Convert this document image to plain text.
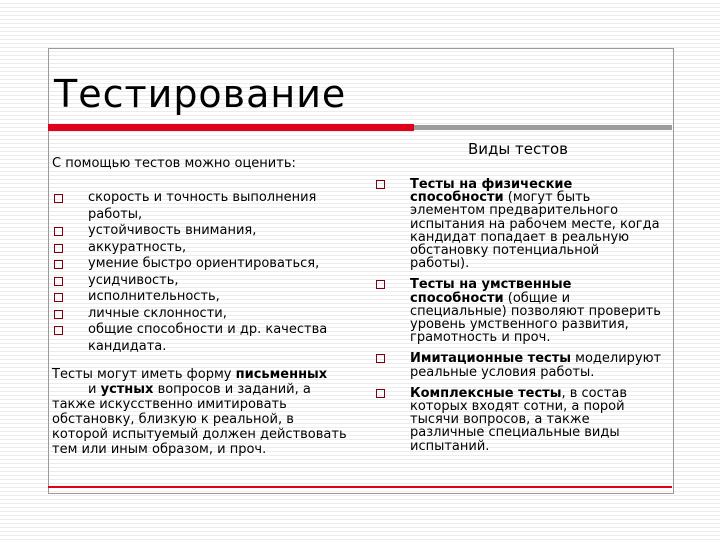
Тестирование
С помощью тестов можно оценить:
скорость и точность выполнения работы,
устойчивость внимания,
аккуратность,
умение быстро ориентироваться,
усидчивость,
исполнительность,
личные склонности,
общие способности и др. качества кандидата.
Тесты могут иметь форму письменных
и устных вопросов и заданий, а также искусственно имитировать обстановку, близкую к реальной, в которой испытуемый должен действовать тем или иным образом, и проч.
Виды тестов
Тесты на физические способности (могут быть элементом предварительного испытания на рабочем месте, когда кандидат попадает в реальную обстановку потенциальной работы).
Тесты на умственные способности (общие и специальные) позволяют проверить уровень умственного развития, грамотность и проч.
Имитационные тесты моделируют реальные условия работы.
Комплексные тесты, в состав которых входят сотни, а порой тысячи вопросов, а также различные специальные виды испытаний.
